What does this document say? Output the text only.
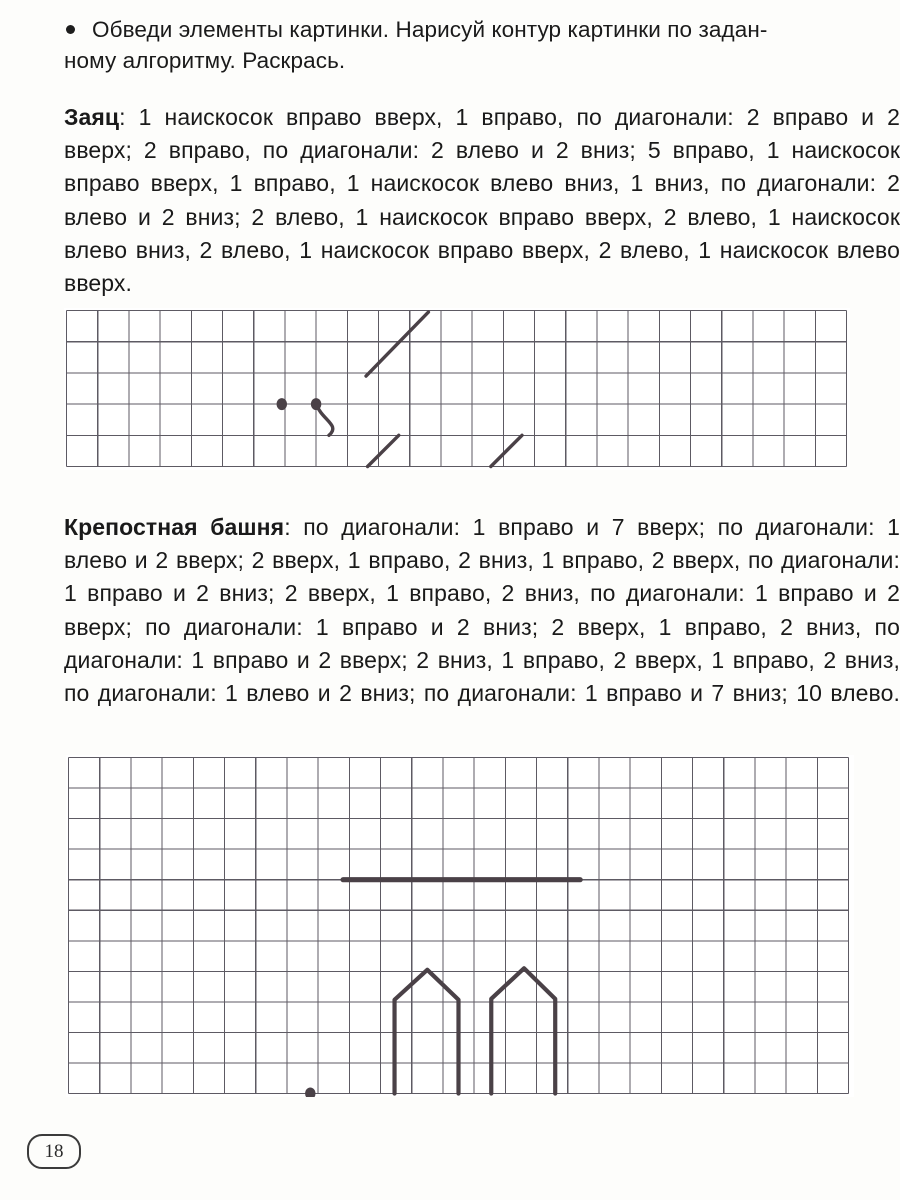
Обведи элементы картинки. Нарисуй контур картинки по задан-
ному алгоритму. Раскрась.

Заяц: 1 наискосок вправо вверх, 1 вправо, по диагонали: 2 вправо и 2 вверх; 2 вправо, по диагонали: 2 влево и 2 вниз; 5 вправо, 1 наискосок вправо вверх, 1 вправо, 1 наискосок влево вниз, 1 вниз, по диагонали: 2 влево и 2 вниз; 2 влево, 1 наискосок вправо вверх, 2 влево, 1 наискосок влево вниз, 2 влево, 1 наискосок вправо вверх, 2 влево, 1 наискосок влево вверх.

Крепостная башня: по диагонали: 1 вправо и 7 вверх; по диагонали: 1 влево и 2 вверх; 2 вверх, 1 вправо, 2 вниз, 1 вправо, 2 вверх, по диагонали: 1 вправо и 2 вниз; 2 вверх, 1 вправо, 2 вниз, по диагонали: 1 вправо и 2 вверх; по диагонали: 1 вправо и 2 вниз; 2 вверх, 1 вправо, 2 вниз, по диагонали: 1 вправо и 2 вверх; 2 вниз, 1 вправо, 2 вверх, 1 вправо, 2 вниз, по диагонали: 1 влево и 2 вниз; по диагонали: 1 вправо и 7 вниз; 10 влево.

18
